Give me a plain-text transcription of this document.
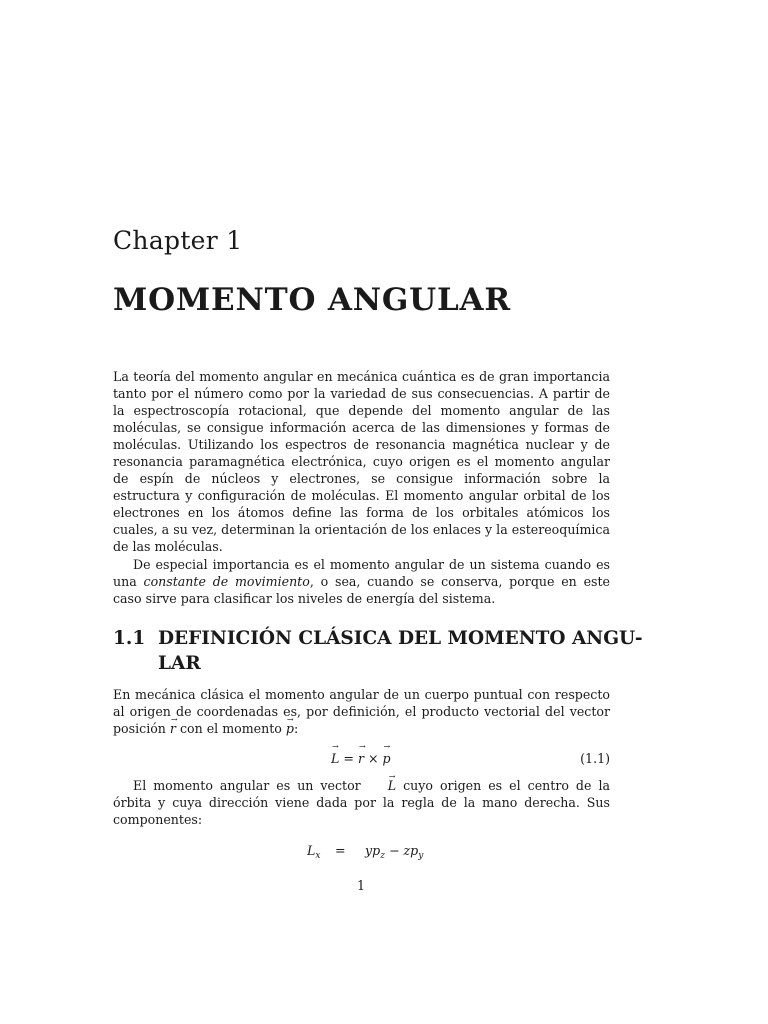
Chapter 1
MOMENTO ANGULAR

La teoría del momento angular en mecánica cuántica es de gran importancia tanto por el número como por la variedad de sus consecuencias. A partir de la espectroscopía rotacional, que depende del momento angular de las moléculas, se consigue información acerca de las dimensiones y formas de moléculas. Utilizando los espectros de resonancia magnética nuclear y de resonancia paramagnética electrónica, cuyo origen es el momento angular de espín de núcleos y electrones, se consigue información sobre la estructura y configuración de moléculas. El momento angular orbital de los electrones en los átomos define las forma de los orbitales atómicos los cuales, a su vez, determinan la orientación de los enlaces y la estereoquímica de las moléculas.

De especial importancia es el momento angular de un sistema cuando es una constante de movimiento, o sea, cuando se conserva, porque en este caso sirve para clasificar los niveles de energía del sistema.

1.1 DEFINICIÓN CLÁSICA DEL MOMENTO ANGU-
LAR

En mecánica clásica el momento angular de un cuerpo puntual con respecto al origen de coordenadas es, por definición, el producto vectorial del vector posición → r con el momento → p:

→ L = → r × → p	(1.1)

El momento angular es un vector → L cuyo origen es el centro de la órbita y cuya dirección viene dada por la regla de la mano derecha. Sus componentes:

$L_x = yp_z - zp_y$
1
